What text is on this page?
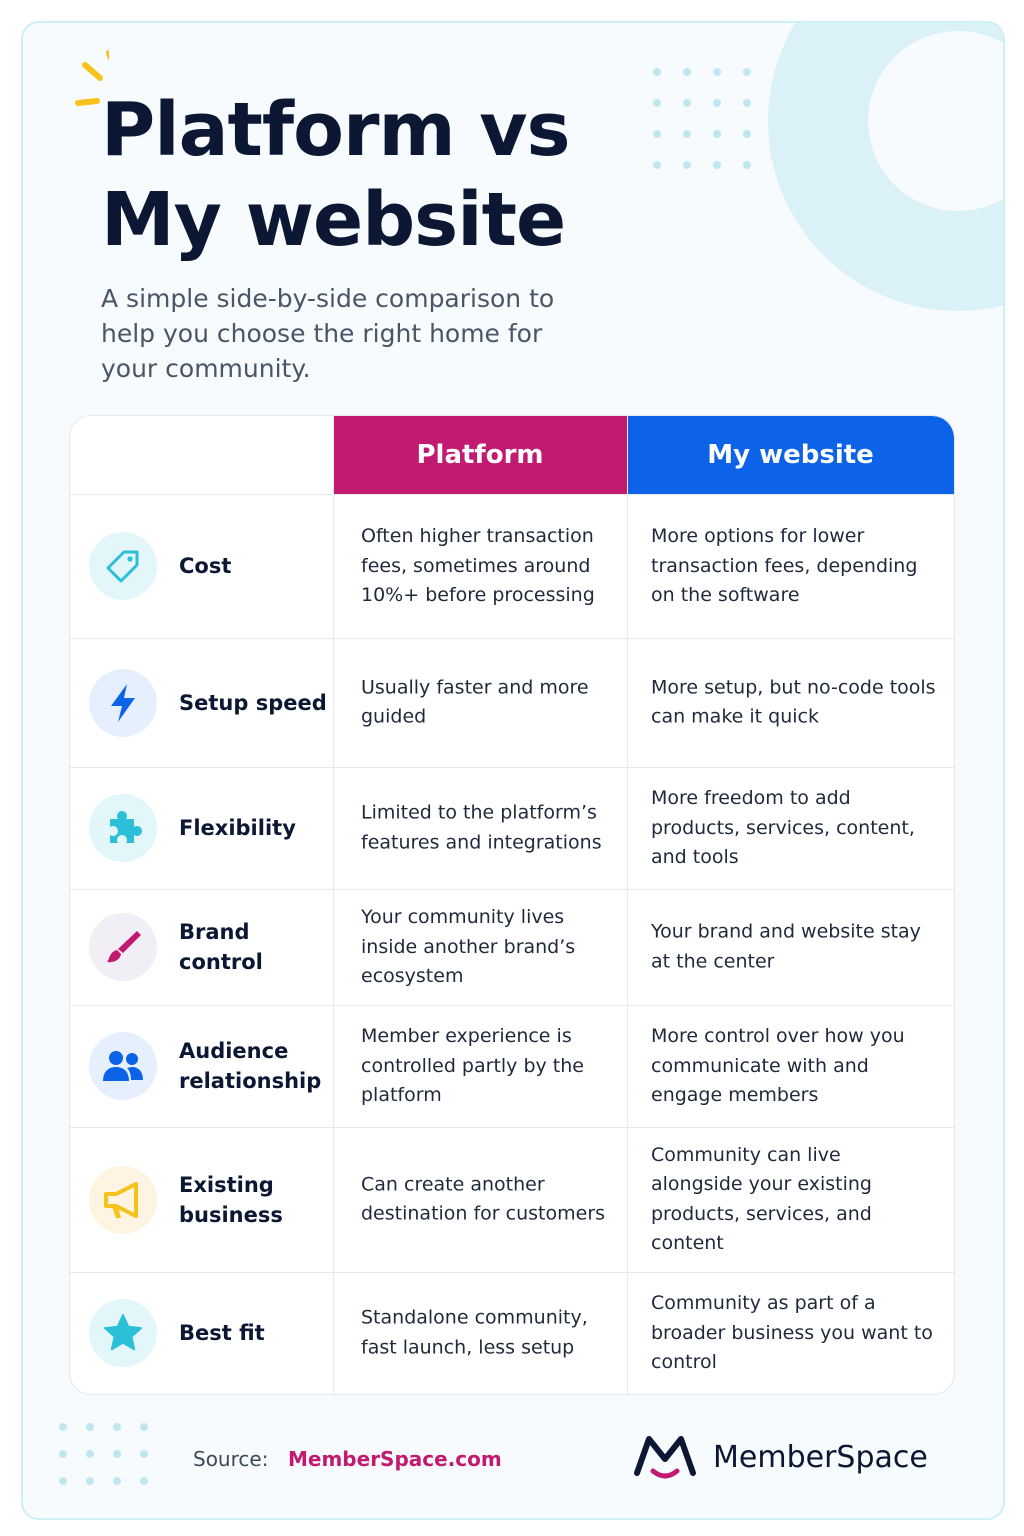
Platform vs
My website

A simple side-by-side comparison to help you choose the right home for your community.

Platform	My website
Cost
Often higher transaction fees, sometimes around 10%+ before processing
More options for lower transaction fees, depending on the software
Setup speed
Usually faster and more guided
More setup, but no-code tools can make it quick
Flexibility
Limited to the platform’s features and integrations
More freedom to add products, services, content, and tools
Brand control
Your community lives inside another brand’s ecosystem
Your brand and website stay at the center
Audience relationship
Member experience is controlled partly by the platform
More control over how you communicate with and engage members
Existing business
Can create another destination for customers
Community can live alongside your existing products, services, and content
Best fit
Standalone community, fast launch, less setup
Community as part of a broader business you want to control
Source: MemberSpace.com	MemberSpace
